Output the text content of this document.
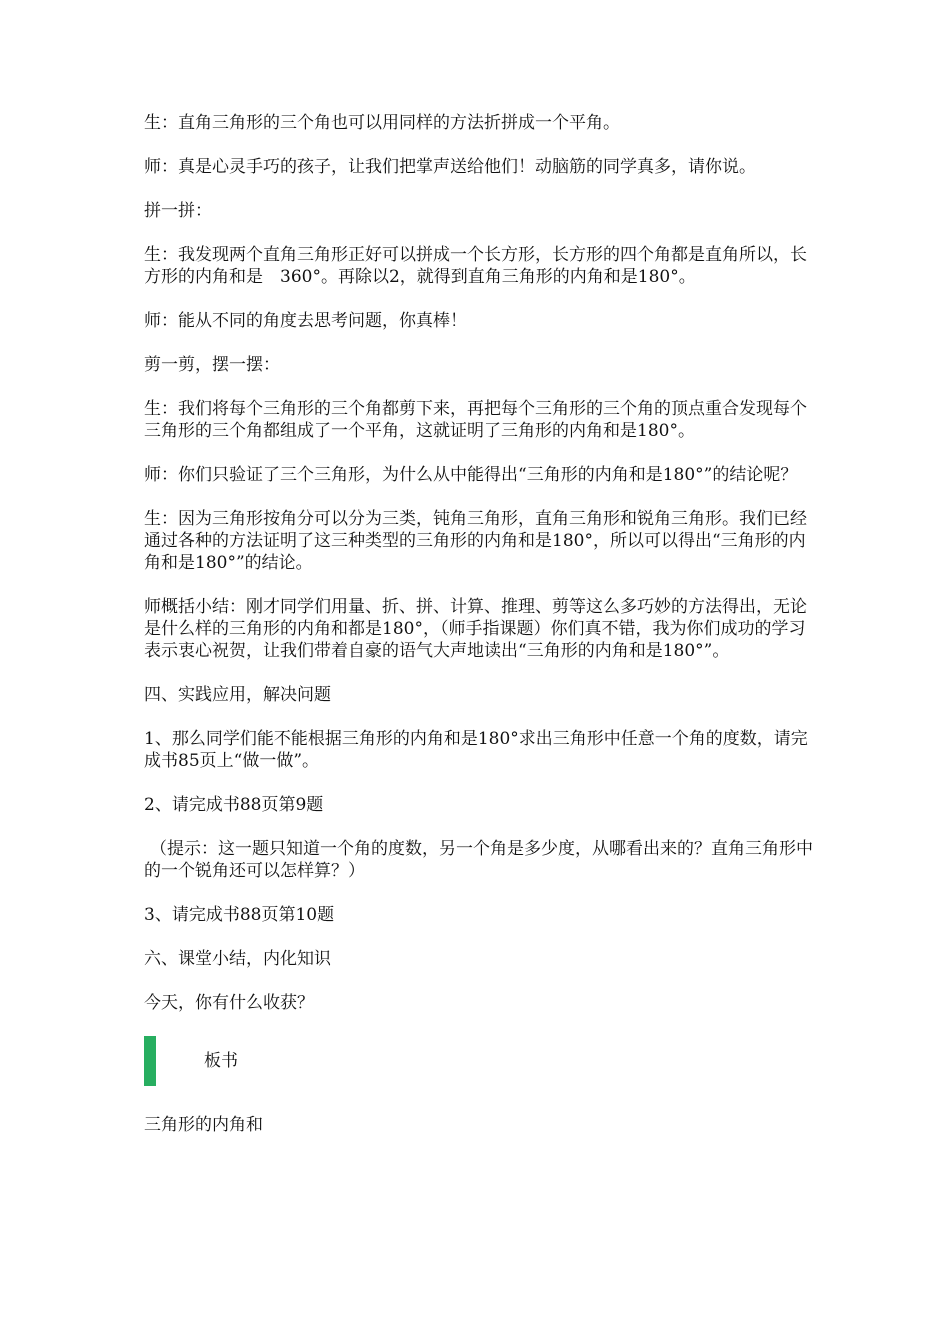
生：直角三角形的三个角也可以用同样的方法折拼成一个平角。

师：真是心灵手巧的孩子，让我们把掌声送给他们！动脑筋的同学真多，请你说。

拼一拼：

生：我发现两个直角三角形正好可以拼成一个长方形，长方形的四个角都是直角所以，长方形的内角和是　360°。再除以2，就得到直角三角形的内角和是180°。

师：能从不同的角度去思考问题，你真棒！

剪一剪，摆一摆：

生：我们将每个三角形的三个角都剪下来，再把每个三角形的三个角的顶点重合发现每个三角形的三个角都组成了一个平角，这就证明了三角形的内角和是180°。

师：你们只验证了三个三角形，为什么从中能得出“三角形的内角和是180°”的结论呢？

生：因为三角形按角分可以分为三类，钝角三角形，直角三角形和锐角三角形。我们已经通过各种的方法证明了这三种类型的三角形的内角和是180°，所以可以得出“三角形的内角和是180°”的结论。

师概括小结：刚才同学们用量、折、拼、计算、推理、剪等这么多巧妙的方法得出，无论是什么样的三角形的内角和都是180°，（师手指课题）你们真不错，我为你们成功的学习表示衷心祝贺，让我们带着自豪的语气大声地读出“三角形的内角和是180°”。

四、实践应用，解决问题

1、那么同学们能不能根据三角形的内角和是180°求出三角形中任意一个角的度数，请完成书85页上“做一做”。

2、请完成书88页第9题

（提示：这一题只知道一个角的度数，另一个角是多少度，从哪看出来的？直角三角形中的一个锐角还可以怎样算？）

3、请完成书88页第10题

六、课堂小结，内化知识

今天，你有什么收获？

板书

三角形的内角和
